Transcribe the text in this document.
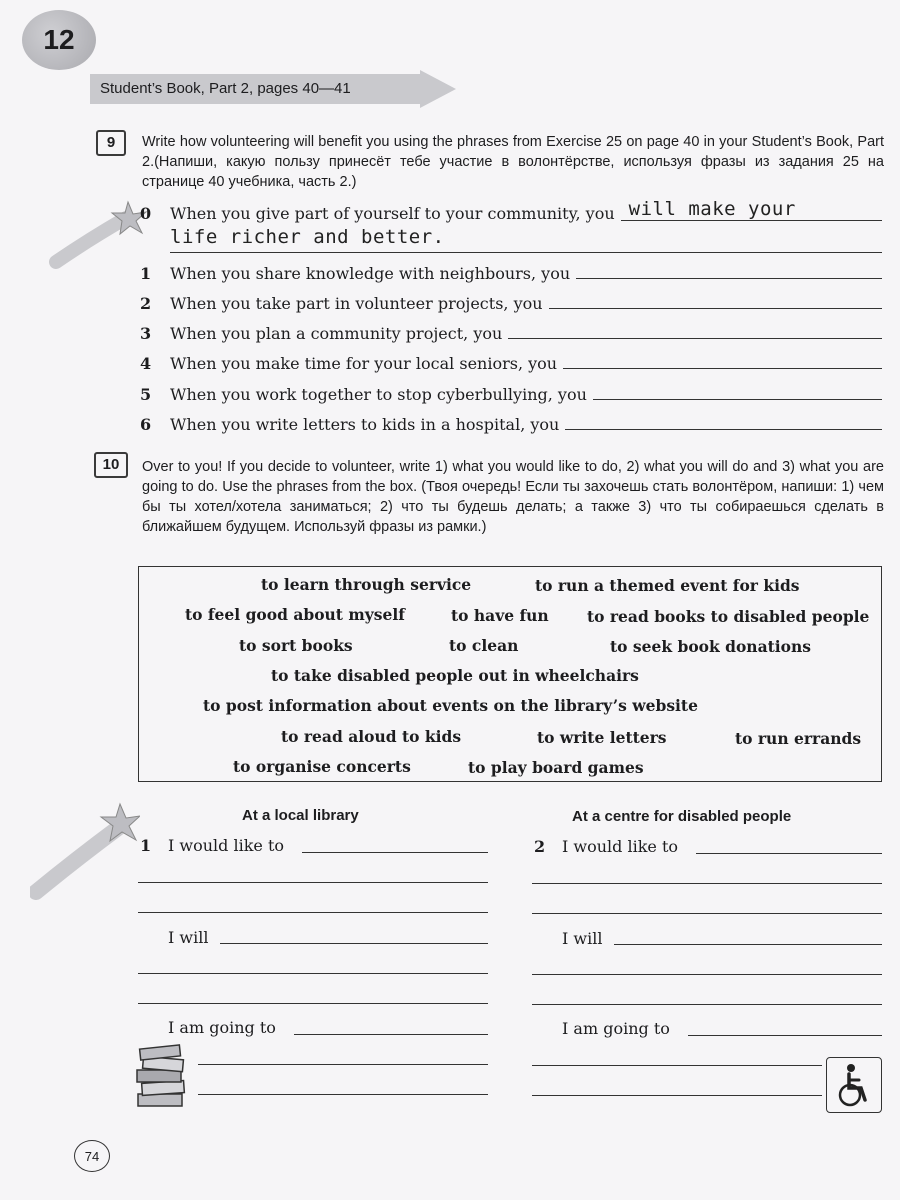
12
Student’s Book, Part 2, pages 40—41
9	Write how volunteering will benefit you using the phrases from Exercise 25 on page 40 in your Student’s Book, Part 2.(Напиши, какую пользу принесёт тебе участие в волонтёрстве, используя фразы из задания 25 на странице 40 учебника, часть 2.)
0	When you give part of yourself to your community, you will make your
life richer and better.
1	When you share knowledge with neighbours, you
2	When you take part in volunteer projects, you
3	When you plan a community project, you
4	When you make time for your local seniors, you
5	When you work together to stop cyberbullying, you
6	When you write letters to kids in a hospital, you
10	Over to you! If you decide to volunteer, write 1) what you would like to do, 2) what you will do and 3) what you are going to do. Use the phrases from the box. (Твоя очередь! Если ты захочешь стать волонтёром, напиши: 1) чем бы ты хотел/хотела заниматься; 2) что ты будешь делать; а также 3) что ты собираешься сделать в ближайшем будущем. Используй фразы из рамки.)
to learn through service	to run a themed event for kids
to feel good about myself	to have fun to read books to disabled people
to sort books	to clean	to seek book donations
to take disabled people out in wheelchairs
to post information about events on the library’s website
to read aloud to kids	to write letters	to run errands
to organise concerts	to play board games
At a local library
1 I would like to
I will
I am going to
At a centre for disabled people
2 I would like to
I will
I am going to
74
